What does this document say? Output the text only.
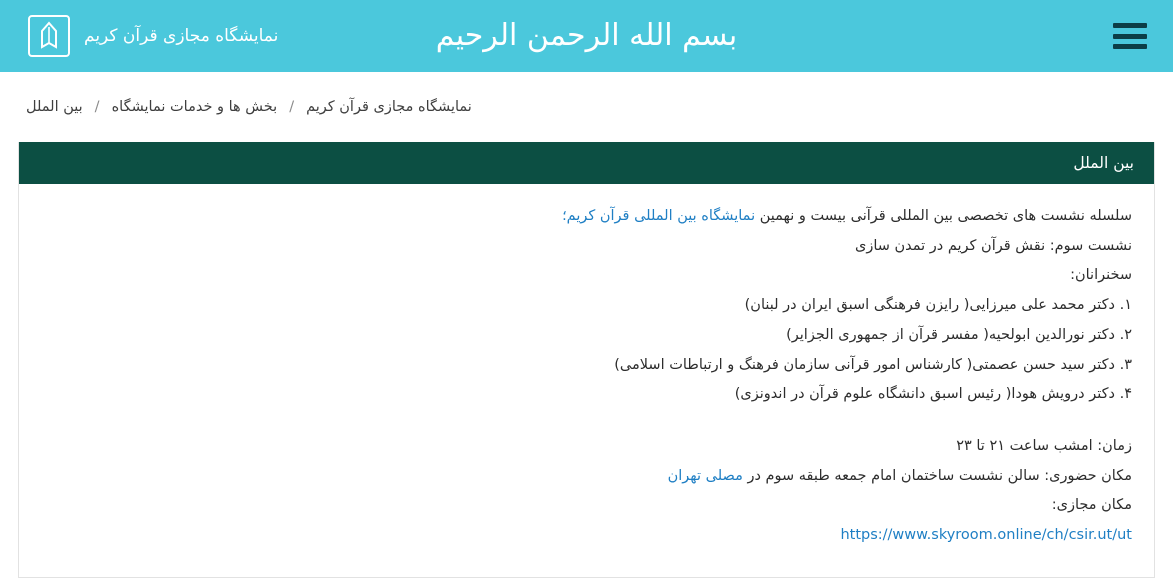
بسم الله الرحمن الرحیم
نمایشگاه مجازی قرآن کریم
نمایشگاه مجازی قرآن کریم
/
بخش ها و خدمات نمایشگاه
/
بین الملل
بین الملل

سلسله نشست های تخصصی بین المللی قرآنی بیست و نهمین نمایشگاه بین المللی قرآن کریم؛

نشست سوم: نقش قرآن کریم در تمدن سازی

سخنرانان:

۱. دکتر محمد علی میرزایی( رایزن فرهنگی اسبق ایران در لبنان)

۲. دکتر نورالدین ابولحیه( مفسر قرآن از جمهوری الجزایر)

۳. دکتر سید حسن عصمتی( کارشناس امور قرآنی سازمان فرهنگ و ارتباطات اسلامی)

۴. دکتر درویش هودا( رئیس اسبق دانشگاه علوم قرآن در اندونزی)

زمان: امشب ساعت ۲۱ تا ۲۳

مکان حضوری: سالن نشست ساختمان امام جمعه طبقه سوم در مصلی تهران

مکان مجازی:

https://www.skyroom.online/ch/csir.ut/ut
